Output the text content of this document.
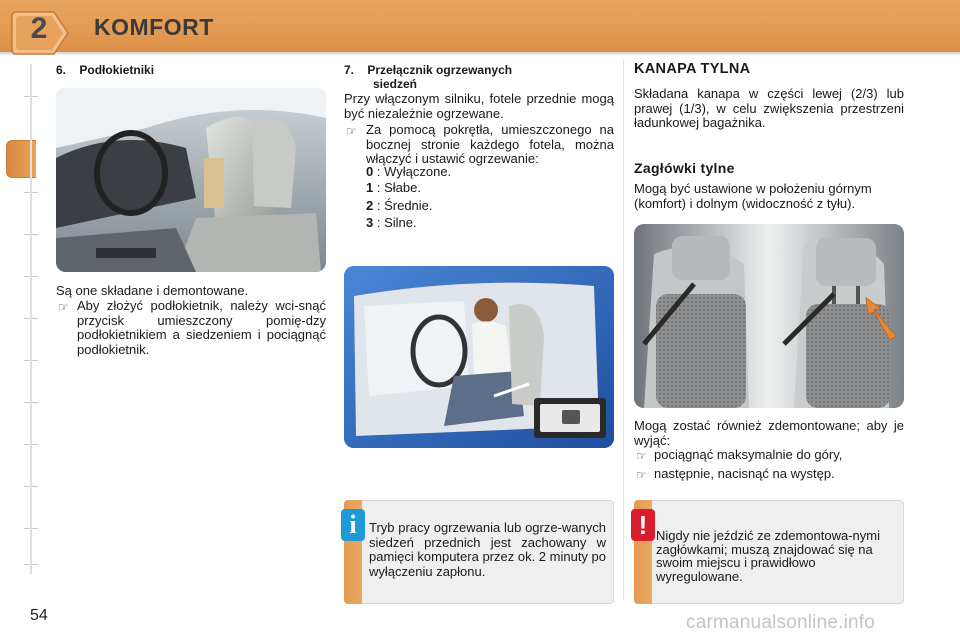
2	KOMFORT
6. Podłokietniki
Są one składane i demontowane.
☞ Aby złożyć podłokietnik, należy wci-snąć przycisk umieszczony pomię-dzy podłokietnikiem a siedzeniem i pociągnąć podłokietnik.
7. Przełącznik ogrzewanych
siedzeń
Przy włączonym silniku, fotele przednie mogą być niezależnie ogrzewane.
☞ Za pomocą pokrętła, umieszczonego na bocznej stronie każdego fotela, można włączyć i ustawić ogrzewanie:
0 : Wyłączone.
1 : Słabe.
2 : Średnie.
3 : Silne.
i Tryb pracy ogrzewania lub ogrze-wanych siedzeń przednich jest zachowany w pamięci komputera przez ok. 2 minuty po wyłączeniu zapłonu.
KANAPA TYLNA
Składana kanapa w części lewej (2/3) lub prawej (1/3), w celu zwiększenia przestrzeni ładunkowej bagażnika.
Zagłówki tylne
Mogą być ustawione w położeniu górnym (komfort) i dolnym (widoczność z tyłu).
Mogą zostać również zdemontowane; aby je wyjąć:
☞ pociągnąć maksymalnie do góry,
☞ następnie, nacisnąć na występ.
! Nigdy nie jeździć ze zdemontowa-nymi zagłówkami; muszą znajdować się na swoim miejscu i prawidłowo wyregulowane.
54	carmanualsonline.info
